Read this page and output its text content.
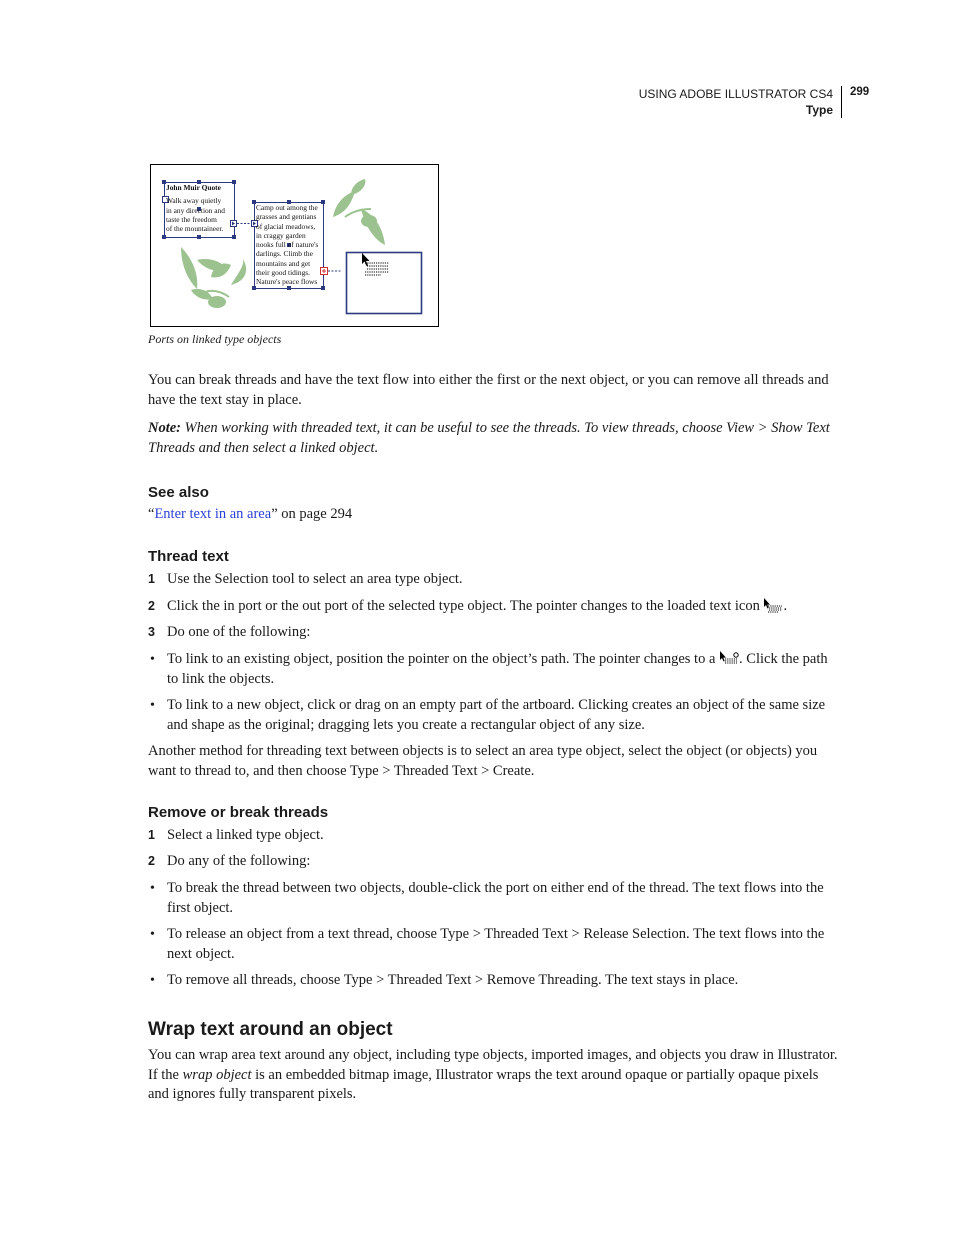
USING ADOBE ILLUSTRATOR CS4
Type
299
John Muir Quote
Walk away quietly
in any direction and
taste the freedom
of the mountaineer.
Camp out among the
grasses and gentians
of glacial meadows,
in craggy garden
nooks full of nature's
darlings. Climb the
mountains and get
their good tidings.
Nature's peace flows
Ports on linked type objects

You can break threads and have the text flow into either the first or the next object, or you can remove all threads and have the text stay in place.

Note: When working with threaded text, it can be useful to see the threads. To view threads, choose View > Show Text Threads and then select a linked object.

See also

“Enter text in an area” on page 294

Thread text
1 Use the Selection tool to select an area type object.

2 Click the in port or the out port of the selected type object. The pointer changes to the loaded text icon .

3 Do one of the following:

• To link to an existing object, position the pointer on the object’s path. The pointer changes to a . Click the path to link the objects.

• To link to a new object, click or drag on an empty part of the artboard. Clicking creates an object of the same size and shape as the original; dragging lets you create a rectangular object of any size.

Another method for threading text between objects is to select an area type object, select the object (or objects) you want to thread to, and then choose Type > Threaded Text > Create.

Remove or break threads
1 Select a linked type object.

2 Do any of the following:

• To break the thread between two objects, double-click the port on either end of the thread. The text flows into the first object.

• To release an object from a text thread, choose Type > Threaded Text > Release Selection. The text flows into the next object.

• To remove all threads, choose Type > Threaded Text > Remove Threading. The text stays in place.

Wrap text around an object

You can wrap area text around any object, including type objects, imported images, and objects you draw in Illustrator. If the wrap object is an embedded bitmap image, Illustrator wraps the text around opaque or partially opaque pixels and ignores fully transparent pixels.
